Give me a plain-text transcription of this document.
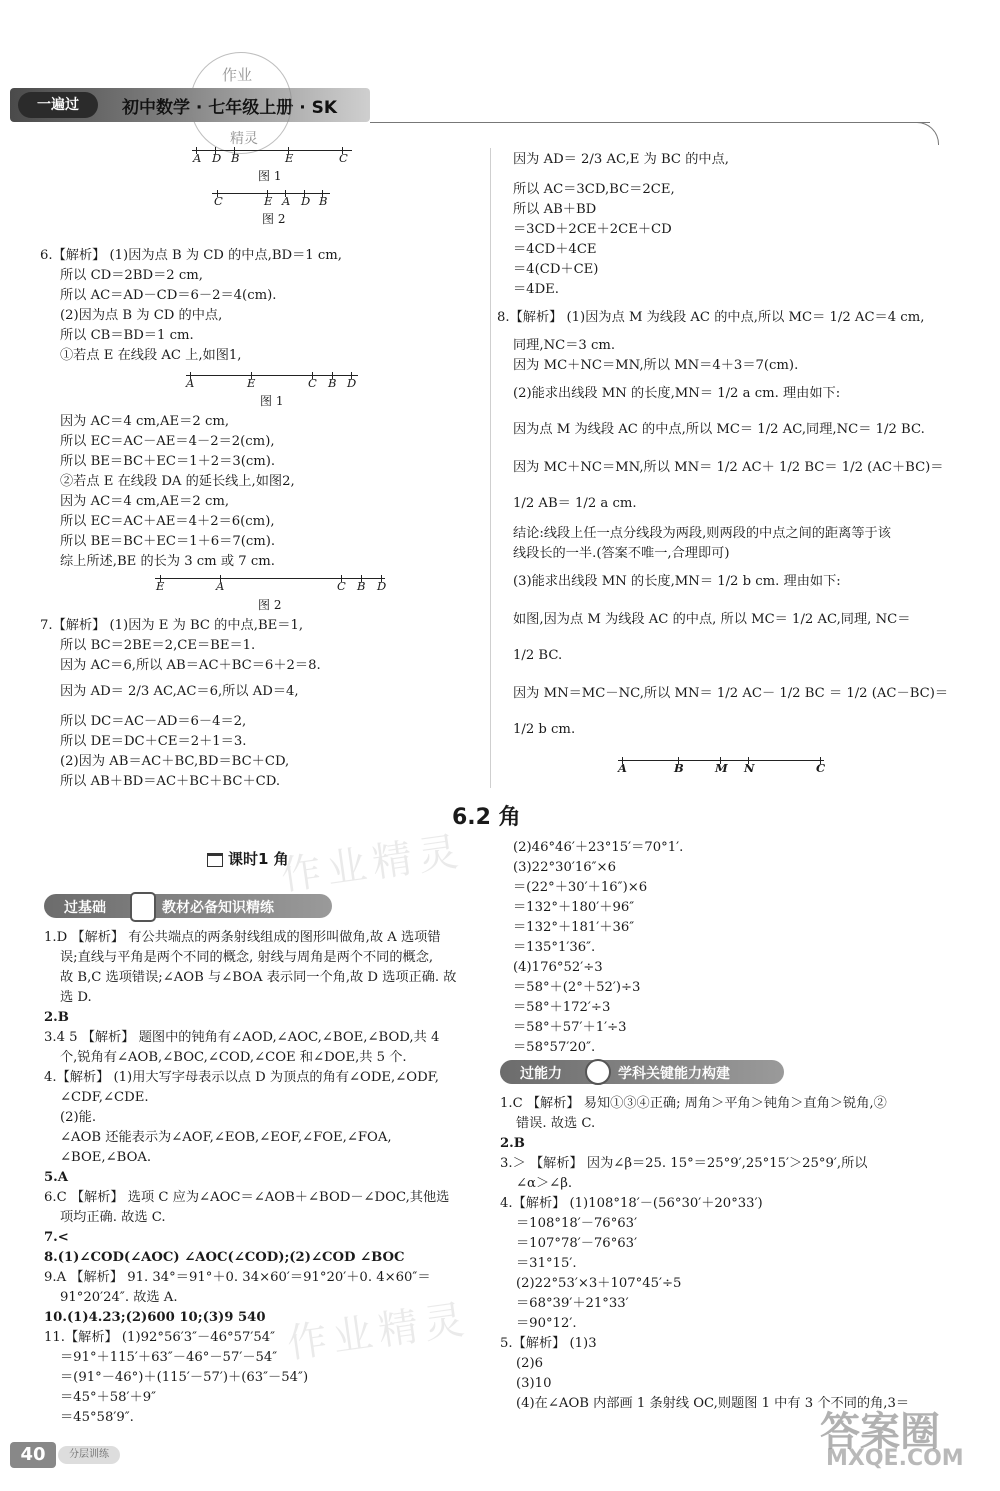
一遍过	初中数学 · 七年级上册 · SK
作业
精灵
A D B	E	C
图 1
C	E A D B
图 2
6.【解析】 (1)因为点 B 为 CD 的中点,BD＝1 cm,
所以 CD＝2BD＝2 cm,
所以 AC＝AD－CD＝6－2＝4(cm).
(2)因为点 B 为 CD 的中点,
所以 CB＝BD＝1 cm.
①若点 E 在线段 AC 上,如图1,
A	E	C B D
图 1
因为 AC＝4 cm,AE＝2 cm,
所以 EC＝AC－AE＝4－2＝2(cm),
所以 BE＝BC＋EC＝1＋2＝3(cm).
②若点 E 在线段 DA 的延长线上,如图2,
因为 AC＝4 cm,AE＝2 cm,
所以 EC＝AC＋AE＝4＋2＝6(cm),
所以 BE＝BC＋EC＝1＋6＝7(cm).
综上所述,BE 的长为 3 cm 或 7 cm.
E	A	C B D
图 2
7.【解析】 (1)因为 E 为 BC 的中点,BE＝1,
所以 BC＝2BE＝2,CE＝BE＝1.
因为 AC＝6,所以 AB＝AC＋BC＝6＋2＝8.
因为 AD＝ 2/3 AC,AC＝6,所以 AD＝4,
所以 DC＝AC－AD＝6－4＝2,
所以 DE＝DC＋CE＝2＋1＝3.
(2)因为 AB＝AC＋BC,BD＝BC＋CD,
所以 AB＋BD＝AC＋BC＋BC＋CD.
因为 AD＝ 2/3 AC,E 为 BC 的中点,
所以 AC＝3CD,BC＝2CE,
所以 AB＋BD
＝3CD＋2CE＋2CE＋CD
＝4CD＋4CE
＝4(CD＋CE)
＝4DE.
8.【解析】 (1)因为点 M 为线段 AC 的中点,所以 MC＝ 1/2 AC＝4 cm,
同理,NC＝3 cm.
因为 MC＋NC＝MN,所以 MN＝4＋3＝7(cm).
(2)能求出线段 MN 的长度,MN＝ 1/2 a cm. 理由如下:
因为点 M 为线段 AC 的中点,所以 MC＝ 1/2 AC,同理,NC＝ 1/2 BC.
因为 MC＋NC＝MN,所以 MN＝ 1/2 AC＋ 1/2 BC＝ 1/2 (AC＋BC)＝
1/2 AB＝ 1/2 a cm.
结论:线段上任一点分线段为两段,则两段的中点之间的距离等于该
线段长的一半.(答案不唯一,合理即可)
(3)能求出线段 MN 的长度,MN＝ 1/2 b cm. 理由如下:
如图,因为点 M 为线段 AC 的中点, 所以 MC＝ 1/2 AC,同理, NC＝
1/2 BC.
因为 MN＝MC－NC,所以 MN＝ 1/2 AC－ 1/2 BC ＝ 1/2 (AC－BC)＝
1/2 b cm.
A	B	M N	C
6.2 角
课时1 角
过基础	教材必备知识精练
1.D 【解析】 有公共端点的两条射线组成的图形叫做角,故 A 选项错
误;直线与平角是两个不同的概念, 射线与周角是两个不同的概念,
故 B,C 选项错误;∠AOB 与∠BOA 表示同一个角,故 D 选项正确. 故
选 D.
2.B
3.4 5 【解析】 题图中的钝角有∠AOD,∠AOC,∠BOE,∠BOD,共 4
个,锐角有∠AOB,∠BOC,∠COD,∠COE 和∠DOE,共 5 个.
4.【解析】 (1)用大写字母表示以点 D 为顶点的角有∠ODE,∠ODF,
∠CDF,∠CDE.
(2)能.
∠AOB 还能表示为∠AOF,∠EOB,∠EOF,∠FOE,∠FOA,
∠BOE,∠BOA.
5.A
6.C 【解析】 选项 C 应为∠AOC＝∠AOB＋∠BOD－∠DOC,其他选
项均正确. 故选 C.
7.<
8.(1)∠COD(∠AOC) ∠AOC(∠COD);(2)∠COD ∠BOC
9.A 【解析】 91. 34°＝91°＋0. 34×60′＝91°20′＋0. 4×60″＝
91°20′24″. 故选 A.
10.(1)4.23;(2)600 10;(3)9 540
11.【解析】 (1)92°56′3″－46°57′54″
＝91°＋115′＋63″－46°－57′－54″
＝(91°－46°)＋(115′－57′)＋(63″－54″)
＝45°＋58′＋9″
＝45°58′9″.
(2)46°46′＋23°15′＝70°1′.
(3)22°30′16″×6
＝(22°＋30′＋16″)×6
＝132°＋180′＋96″
＝132°＋181′＋36″
＝135°1′36″.
(4)176°52′÷3
＝58°＋(2°＋52′)÷3
＝58°＋172′÷3
＝58°＋57′＋1′÷3
＝58°57′20″.
过能力	学科关键能力构建
1.C 【解析】 易知①③④正确; 周角＞平角＞钝角＞直角＞锐角,②
错误. 故选 C.
2.B
3.＞ 【解析】 因为∠β＝25. 15°＝25°9′,25°15′＞25°9′,所以
∠α＞∠β.
4.【解析】 (1)108°18′－(56°30′＋20°33′)
＝108°18′－76°63′
＝107°78′－76°63′
＝31°15′.
(2)22°53′×3＋107°45′÷5
＝68°39′＋21°33′
＝90°12′.
5.【解析】 (1)3
(2)6
(3)10
(4)在∠AOB 内部画 1 条射线 OC,则题图 1 中有 3 个不同的角,3＝
作业精灵
作业精灵
答案圈
MXQE.COM
40	分层训练
